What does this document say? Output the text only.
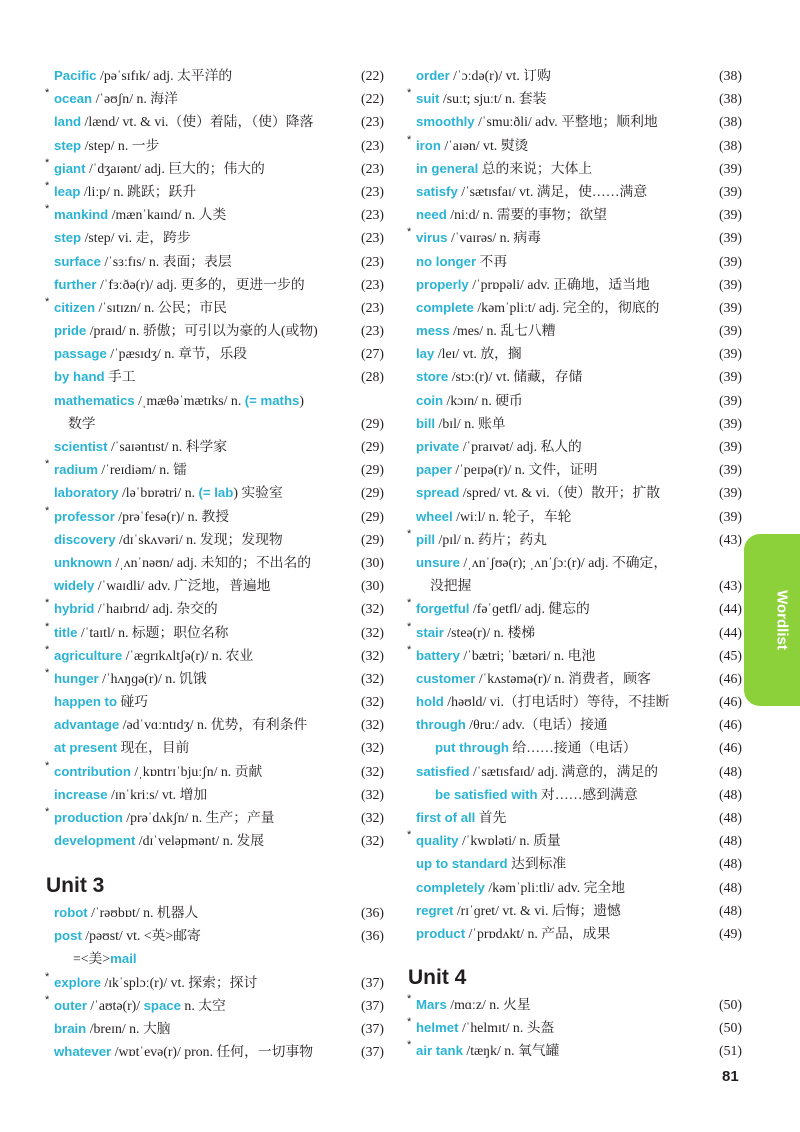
Pacific /pəˈsɪfɪk/ adj. 太平洋的	(22)
* ocean /ˈəʊʃn/ n. 海洋	(22)
land /lænd/ vt. & vi.（使）着陆，（使）降落	(23)
step /step/ n. 一步	(23)
* giant /ˈdʒaɪənt/ adj. 巨大的；伟大的	(23)
* leap /liːp/ n. 跳跃；跃升	(23)
* mankind /mænˈkaɪnd/ n. 人类	(23)
step /step/ vi. 走，跨步	(23)
surface /ˈsɜːfɪs/ n. 表面；表层	(23)
further /ˈfɜːðə(r)/ adj. 更多的，更进一步的	(23)
* citizen /ˈsɪtɪzn/ n. 公民；市民	(23)
pride /praɪd/ n. 骄傲；可引以为豪的人(或物)	(23)
passage /ˈpæsɪdʒ/ n. 章节，乐段	(27)
by hand 手工	(28)
mathematics /ˌmæθəˈmætɪks/ n. (= maths)
数学	(29)
scientist /ˈsaɪəntɪst/ n. 科学家	(29)
* radium /ˈreɪdiəm/ n. 镭	(29)
laboratory /ləˈbɒrətri/ n. (= lab) 实验室	(29)
* professor /prəˈfesə(r)/ n. 教授	(29)
discovery /dɪˈskʌvəri/ n. 发现；发现物	(29)
unknown /ˌʌnˈnəʊn/ adj. 未知的；不出名的	(30)
widely /ˈwaɪdli/ adv. 广泛地，普遍地	(30)
* hybrid /ˈhaɪbrɪd/ adj. 杂交的	(32)
* title /ˈtaɪtl/ n. 标题；职位名称	(32)
* agriculture /ˈæɡrɪkʌltʃə(r)/ n. 农业	(32)
* hunger /ˈhʌŋɡə(r)/ n. 饥饿	(32)
happen to 碰巧	(32)
advantage /ədˈvɑːntɪdʒ/ n. 优势，有利条件	(32)
at present 现在，目前	(32)
* contribution /ˌkɒntrɪˈbjuːʃn/ n. 贡献	(32)
increase /ɪnˈkriːs/ vt. 增加	(32)
* production /prəˈdʌkʃn/ n. 生产；产量	(32)
development /dɪˈveləpmənt/ n. 发展	(32)
Unit 3
robot /ˈrəʊbɒt/ n. 机器人	(36)
post /pəʊst/ vt. <英>邮寄	(36)
=<美>mail
* explore /ɪkˈsplɔː(r)/ vt. 探索；探讨	(37)
* outer /ˈaʊtə(r)/ space n. 太空	(37)
brain /breɪn/ n. 大脑	(37)
whatever /wɒtˈevə(r)/ pron. 任何，一切事物	(37)
order /ˈɔːdə(r)/ vt. 订购	(38)
* suit /suːt; sjuːt/ n. 套装	(38)
smoothly /ˈsmuːðli/ adv. 平整地；顺利地	(38)
* iron /ˈaɪən/ vt. 熨烫	(38)
in general 总的来说；大体上	(39)
satisfy /ˈsætɪsfaɪ/ vt. 满足，使……满意	(39)
need /niːd/ n. 需要的事物；欲望	(39)
* virus /ˈvaɪrəs/ n. 病毒	(39)
no longer 不再	(39)
properly /ˈprɒpəli/ adv. 正确地，适当地	(39)
complete /kəmˈpliːt/ adj. 完全的，彻底的	(39)
mess /mes/ n. 乱七八糟	(39)
lay /leɪ/ vt. 放，搁	(39)
store /stɔː(r)/ vt. 储藏，存储	(39)
coin /kɔɪn/ n. 硬币	(39)
bill /bɪl/ n. 账单	(39)
private /ˈpraɪvət/ adj. 私人的	(39)
paper /ˈpeɪpə(r)/ n. 文件，证明	(39)
spread /spred/ vt. & vi.（使）散开；扩散	(39)
wheel /wiːl/ n. 轮子，车轮	(39)
* pill /pɪl/ n. 药片；药丸	(43)
unsure /ˌʌnˈʃʊə(r); ˌʌnˈʃɔː(r)/ adj. 不确定，
没把握	(43)
* forgetful /fəˈɡetfl/ adj. 健忘的	(44)
* stair /steə(r)/ n. 楼梯	(44)
* battery /ˈbætri; ˈbætəri/ n. 电池	(45)
customer /ˈkʌstəmə(r)/ n. 消费者，顾客	(46)
hold /həʊld/ vi.（打电话时）等待，不挂断	(46)
through /θruː/ adv.（电话）接通	(46)
put through 给……接通（电话）	(46)
satisfied /ˈsætɪsfaɪd/ adj. 满意的，满足的	(48)
be satisfied with 对……感到满意	(48)
first of all 首先	(48)
* quality /ˈkwɒləti/ n. 质量	(48)
up to standard 达到标准	(48)
completely /kəmˈpliːtli/ adv. 完全地	(48)
regret /rɪˈɡret/ vt. & vi. 后悔；遗憾	(48)
product /ˈprɒdʌkt/ n. 产品，成果	(49)
Unit 4
* Mars /mɑːz/ n. 火星	(50)
* helmet /ˈhelmɪt/ n. 头盔	(50)
* air tank /tæŋk/ n. 氧气罐	(51)
Wordlist
81
